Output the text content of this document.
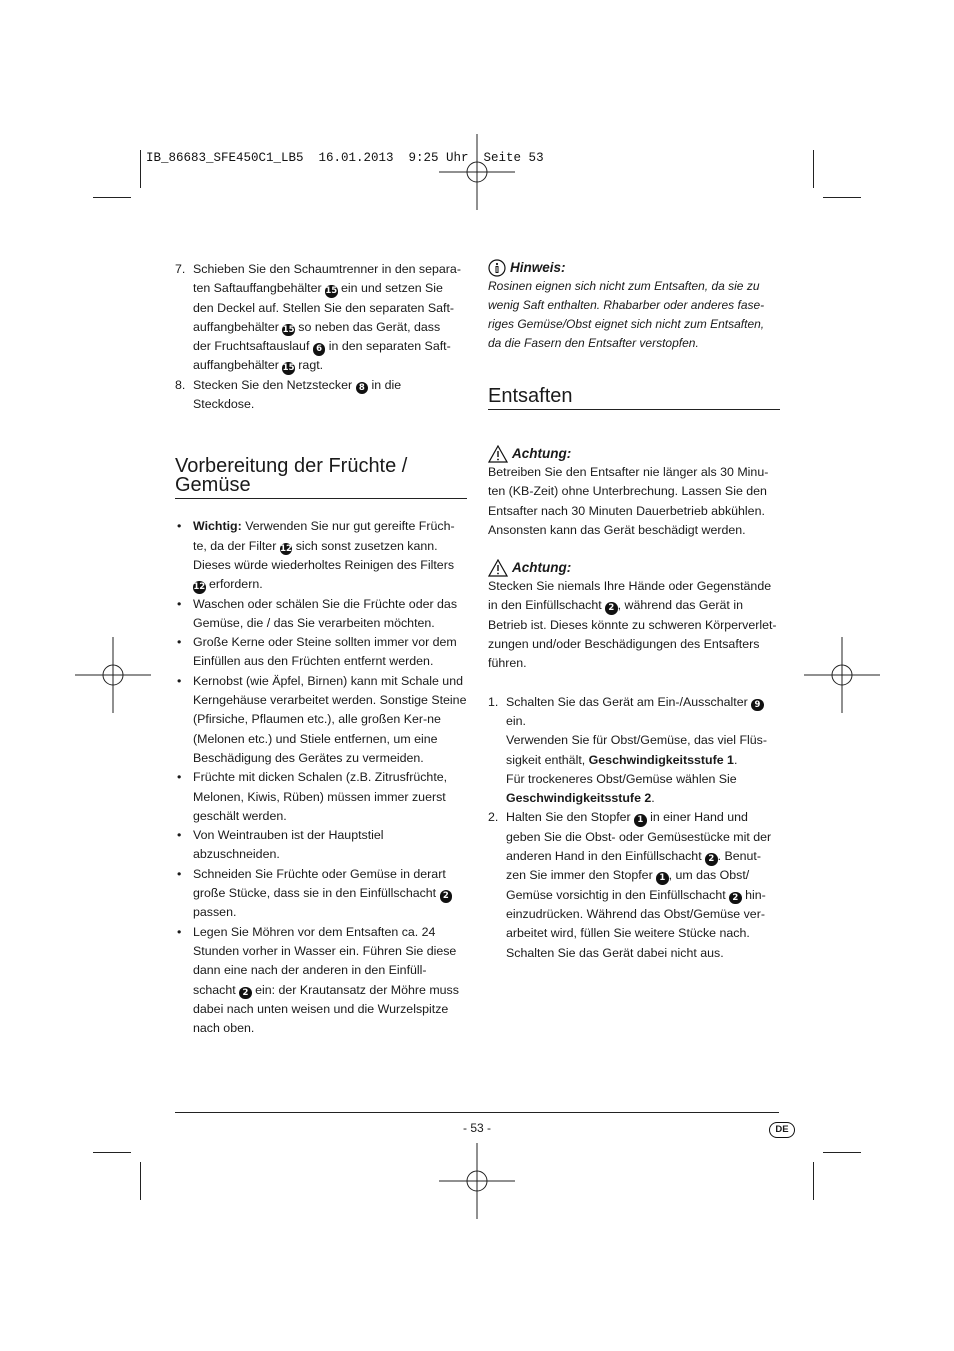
IB_86683_SFE450C1_LB5  16.01.2013  9:25 Uhr  Seite 53
7. Schieben Sie den Schaumtrenner in den separa-
ten Saftauffangbehälter 15 ein und setzen Sie
den Deckel auf. Stellen Sie den separaten Saft-
auffangbehälter 15 so neben das Gerät, dass
der Fruchtsaftauslauf 6 in den separaten Saft-
auffangbehälter 15 ragt.
8. Stecken Sie den Netzstecker 8 in die
Steckdose.
Vorbereitung der Früchte / Gemüse
• Wichtig: Verwenden Sie nur gut gereifte Früch-te, da der Filter 12 sich sonst zusetzen kann. Dieses würde wiederholtes Reinigen des Filters 12 erfordern.
• Waschen oder schälen Sie die Früchte oder das Gemüse, die / das Sie verarbeiten möchten.
• Große Kerne oder Steine sollten immer vor dem Einfüllen aus den Früchten entfernt werden.
• Kernobst (wie Äpfel, Birnen) kann mit Schale und Kerngehäuse verarbeitet werden. Sonstige Steine (Pfirsiche, Pflaumen etc.), alle großen Ker-ne (Melonen etc.) und Stiele entfernen, um eine Beschädigung des Gerätes zu vermeiden.
• Früchte mit dicken Schalen (z.B. Zitrusfrüchte, Melonen, Kiwis, Rüben) müssen immer zuerst geschält werden.
• Von Weintrauben ist der Hauptstiel abzuschneiden.
• Schneiden Sie Früchte oder Gemüse in derart große Stücke, dass sie in den Einfüllschacht 2 passen.
• Legen Sie Möhren vor dem Entsaften ca. 24 Stunden vorher in Wasser ein. Führen Sie diese dann eine nach der anderen in den Einfüll-schacht 2 ein: der Krautansatz der Möhre muss dabei nach unten weisen und die Wurzelspitze nach oben.
Hinweis:

Rosinen eignen sich nicht zum Entsaften, da sie zu wenig Saft enthalten. Rhabarber oder anderes fase-riges Gemüse/Obst eignet sich nicht zum Entsaften, da die Fasern den Entsafter verstopfen.

Entsaften
Achtung:

Betreiben Sie den Entsafter nie länger als 30 Minu-ten (KB-Zeit) ohne Unterbrechung. Lassen Sie den Entsafter nach 30 Minuten Dauerbetrieb abkühlen. Ansonsten kann das Gerät beschädigt werden.

Achtung:

Stecken Sie niemals Ihre Hände oder Gegenstände in den Einfüllschacht 2 , während das Gerät in Betrieb ist. Dieses könnte zu schweren Körperverlet-zungen und/oder Beschädigungen des Entsafters führen.

1. Schalten Sie das Gerät am Ein-/Ausschalter 9 ein.
Verwenden Sie für Obst/Gemüse, das viel Flüs-sigkeit enthält, Geschwindigkeitsstufe 1.
Für trockeneres Obst/Gemüse wählen Sie
Geschwindigkeitsstufe 2.
2. Halten Sie den Stopfer 1 in einer Hand und geben Sie die Obst- oder Gemüsestücke mit der anderen Hand in den Einfüllschacht 2 . Benut-zen Sie immer den Stopfer 1 , um das Obst/ Gemüse vorsichtig in den Einfüllschacht 2 hin-einzudrücken. Während das Obst/Gemüse ver-arbeitet wird, füllen Sie weitere Stücke nach. Schalten Sie das Gerät dabei nicht aus.
- 53 -	DE
